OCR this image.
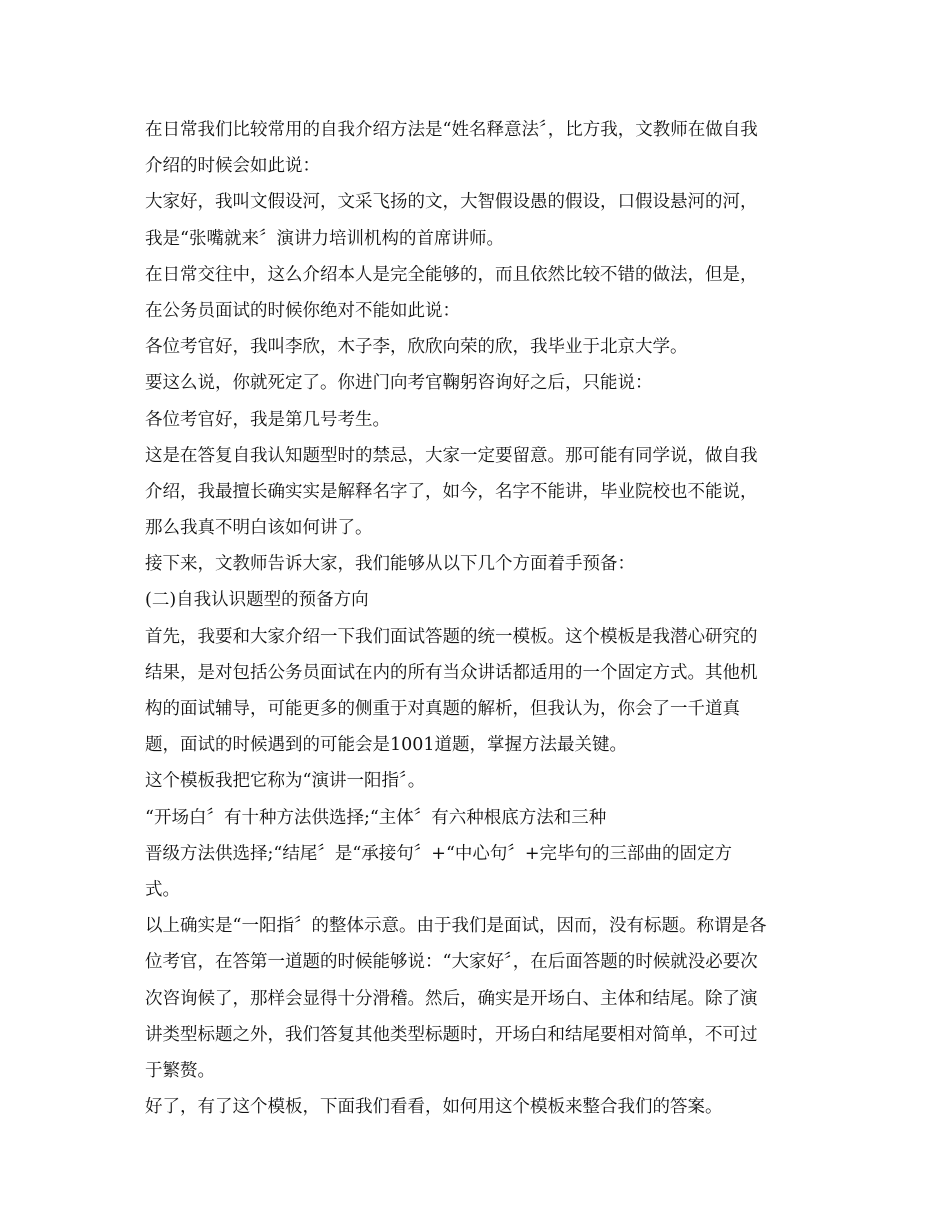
在日常我们比较常用的自我介绍方法是“姓名释意法〞，比方我，文教师在做自我
介绍的时候会如此说：
大家好，我叫文假设河，文采飞扬的文，大智假设愚的假设，口假设悬河的河，
我是“张嘴就来〞演讲力培训机构的首席讲师。
在日常交往中，这么介绍本人是完全能够的，而且依然比较不错的做法，但是，
在公务员面试的时候你绝对不能如此说：
各位考官好，我叫李欣，木子李，欣欣向荣的欣，我毕业于北京大学。
要这么说，你就死定了。你进门向考官鞠躬咨询好之后，只能说：
各位考官好，我是第几号考生。
这是在答复自我认知题型时的禁忌，大家一定要留意。那可能有同学说，做自我
介绍，我最擅长确实实是解释名字了，如今，名字不能讲，毕业院校也不能说，
那么我真不明白该如何讲了。
接下来，文教师告诉大家，我们能够从以下几个方面着手预备：
(二)自我认识题型的预备方向
首先，我要和大家介绍一下我们面试答题的统一模板。这个模板是我潜心研究的
结果，是对包括公务员面试在内的所有当众讲话都适用的一个固定方式。其他机
构的面试辅导，可能更多的侧重于对真题的解析，但我认为，你会了一千道真
题，面试的时候遇到的可能会是1001道题，掌握方法最关键。
这个模板我把它称为“演讲一阳指〞。
“开场白〞有十种方法供选择;“主体〞有六种根底方法和三种
晋级方法供选择;“结尾〞是“承接句〞+“中心句〞+完毕句的三部曲的固定方
式。
以上确实是“一阳指〞的整体示意。由于我们是面试，因而，没有标题。称谓是各
位考官，在答第一道题的时候能够说：“大家好〞，在后面答题的时候就没必要次
次咨询候了，那样会显得十分滑稽。然后，确实是开场白、主体和结尾。除了演
讲类型标题之外，我们答复其他类型标题时，开场白和结尾要相对简单，不可过
于繁赘。
好了，有了这个模板，下面我们看看，如何用这个模板来整合我们的答案。
